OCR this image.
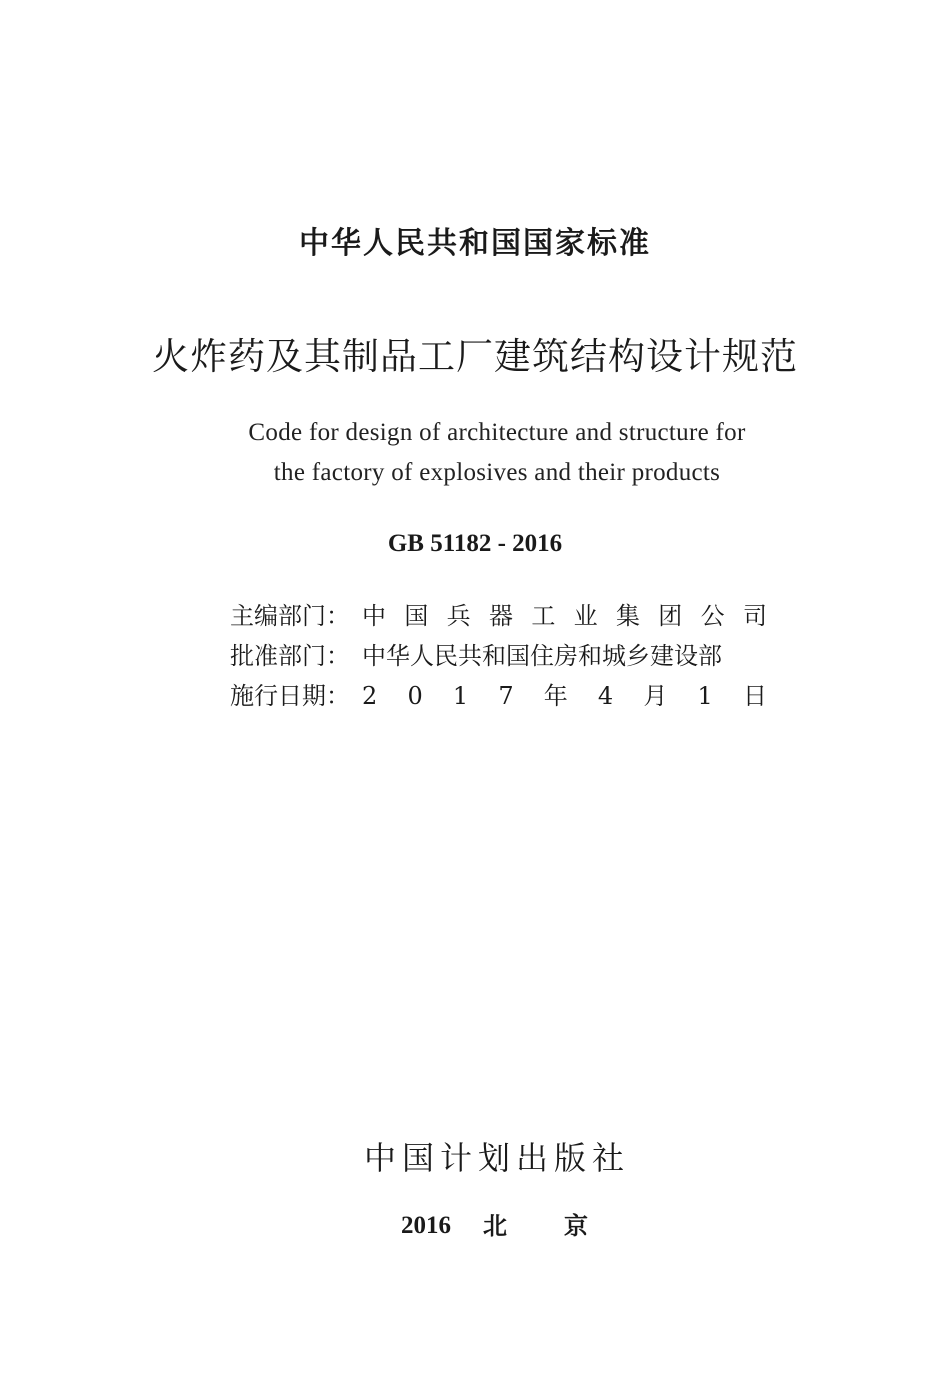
中华人民共和国国家标准
火炸药及其制品工厂建筑结构设计规范
Code for design of architecture and structure for
the factory of explosives and their products
GB 51182 - 2016
主编部门： 中 国 兵 器 工 业 集 团 公 司
批准部门： 中华人民共和国住房和城乡建设部
施行日期： 2 0 1 7 年 4 月 1 日
中国计划出版社
2016 北 京
